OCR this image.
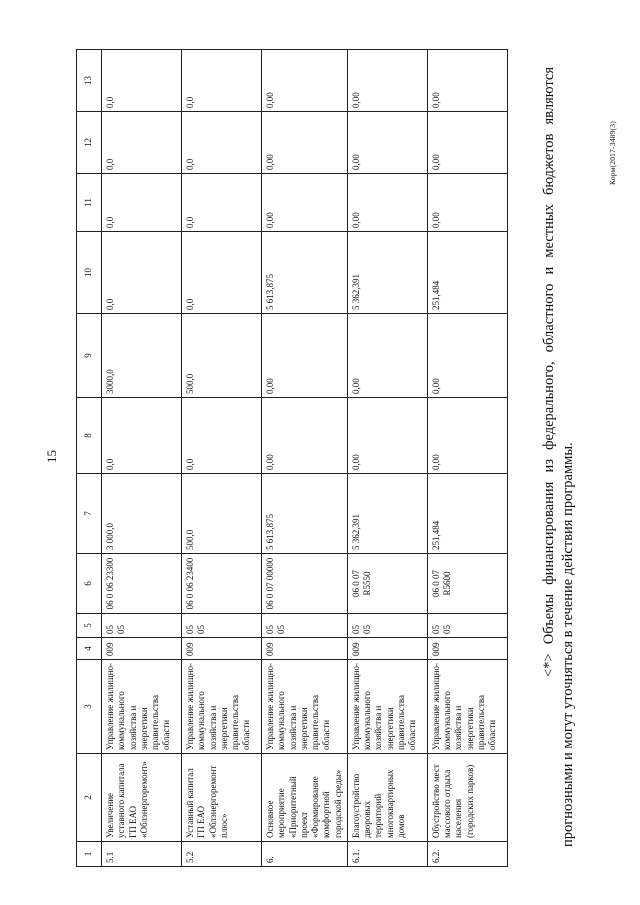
15
1	2	3	4	5	6	7	8	9	10	11	12	13
5.1	Увеличение уставного капитала ГП ЕАО «Облэнергоремонт»	Управление жилищно-коммунального хозяйства и энергетики правительства области	009	05 05	06 0 06 23300	3 000,0	0,0	3000,0	0,0	0,0	0,0	0,0
5.2	Уставный капитал ГП ЕАО «Облэнергоремонт плюс»	Управление жилищно-коммунального хозяйства и энергетики правительства области	009	05 05	06 0 06 23400	500,0	0,0	500,0	0,0	0,0	0,0	0,0
6.	Основное мероприятие «Приоритетный проект «Формирование комфортной городской среды»	Управление жилищно-коммунального хозяйства и энергетики правительства области	009	05 05	06 0 07 00000	5 613,875	0,00	0,00	5 613,875	0,00	0,00	0,00
6.1.	Благоустройство дворовых территорий многоквартирных домов	Управление жилищно-коммунального хозяйства и энергетики правительства области	009	05 05	06 0 07 R5550	5 362,391	0,00	0,00	5 362,391	0,00	0,00	0,00
6.2.	Обустройство мест массового отдыха населения (городских парков)	Управление жилищно-коммунального хозяйства и энергетики правительства области	009	05 05	06 0 07 R5600	251,484	0,00	0,00	251,484	0,00	0,00	0,00	<*> Объемы финансирования из федерального, областного и местных бюджетов являются прогнозными и могут уточняться в течение действия программы.
Корм(2017-3489(3)
